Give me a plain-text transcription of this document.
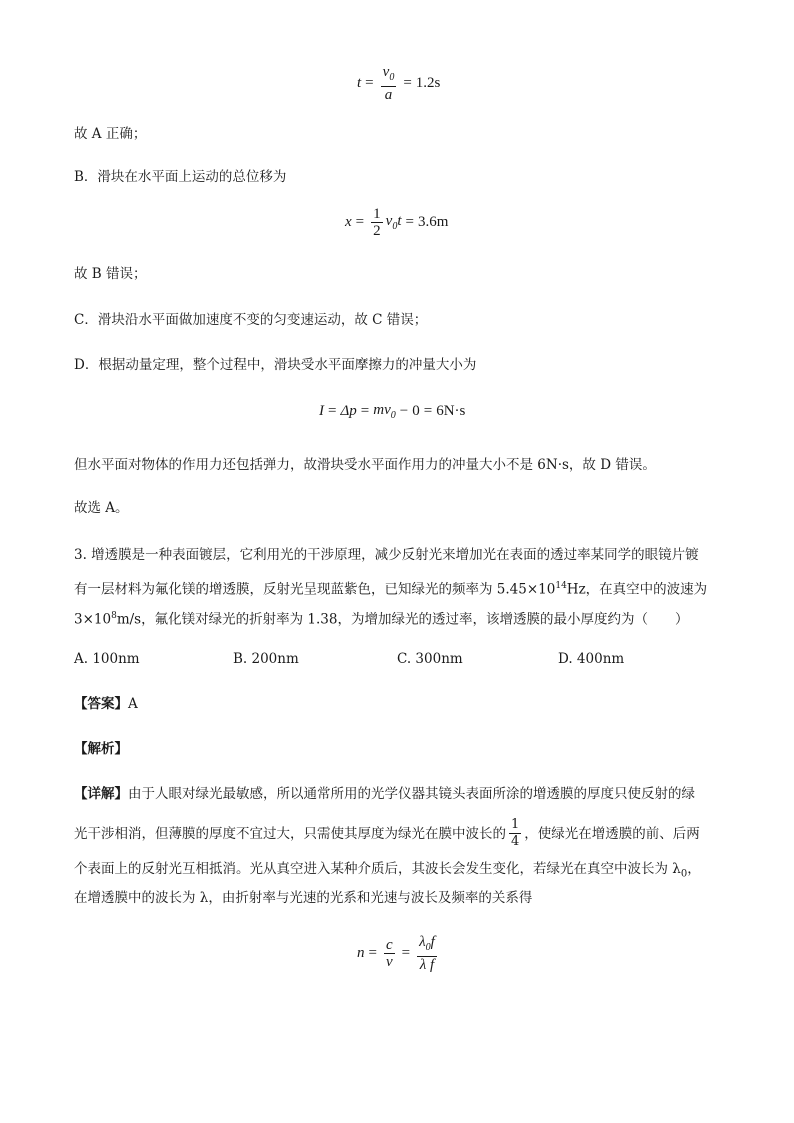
$t = \frac{v_0}{a} = 1.2s$
故 A 正确；
B．滑块在水平面上运动的总位移为
$x = \frac{1}{2} v_0t = 3.6m$
故 B 错误；
C．滑块沿水平面做加速度不变的匀变速运动，故 C 错误；
D．根据动量定理，整个过程中，滑块受水平面摩擦力的冲量大小为
$I = \Delta p = mv_0 - 0 = 6N\cdot s$
但水平面对物体的作用力还包括弹力，故滑块受水平面作用力的冲量大小不是 6N·s，故 D 错误。
故选 A。
3. 增透膜是一种表面镀层，它利用光的干涉原理，减少反射光来增加光在表面的透过率某同学的眼镜片镀
有一层材料为氟化镁的增透膜，反射光呈现蓝紫色，已知绿光的频率为 $5.45\times 10^{14}Hz$，在真空中的波速为
$3\times 10^8m/s$，氟化镁对绿光的折射率为 1.38，为增加绿光的透过率，该增透膜的最小厚度约为（　　）
A. 100nm	B. 200nm	C. 300nm	D. 400nm
【答案】A
【解析】
【详解】由于人眼对绿光最敏感，所以通常所用的光学仪器其镜头表面所涂的增透膜的厚度只使反射的绿
光干涉相消，但薄膜的厚度不宜过大，只需使其厚度为绿光在膜中波长的 $\frac{1}{4}$ ，使绿光在增透膜的前、后两
个表面上的反射光互相抵消。光从真空进入某种介质后，其波长会发生变化，若绿光在真空中波长为 $\lambda_0$，
在增透膜中的波长为 λ，由折射率与光速的光系和光速与波长及频率的关系得
$n = \frac{c}{v} = \frac{\lambda_0f}{\text{λ f}}$
